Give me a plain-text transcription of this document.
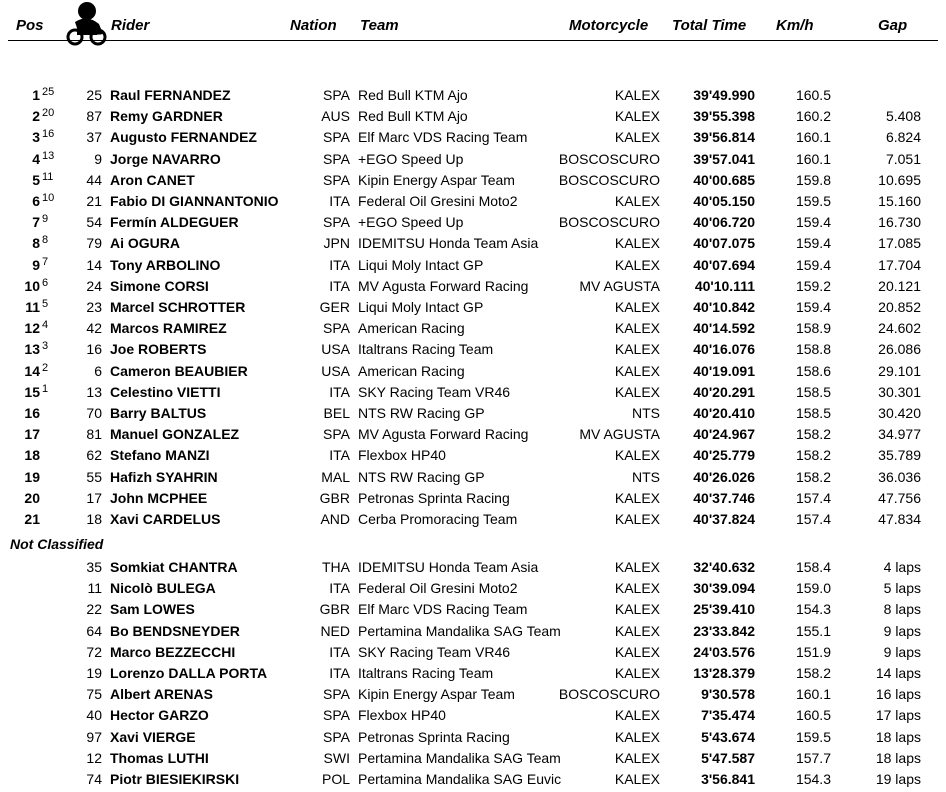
Pos	Rider	Nation Team	Motorcycle Total Time Km/h	Gap
1 25	25 Raul FERNANDEZ	SPA Red Bull KTM Ajo	KALEX	39'49.990	160.5
2 20	87 Remy GARDNER	AUS Red Bull KTM Ajo	KALEX	39'55.398	160.2	5.408
3 16	37 Augusto FERNANDEZ	SPA Elf Marc VDS Racing Team	KALEX	39'56.814	160.1	6.824
4 13	9 Jorge NAVARRO	SPA +EGO Speed Up	BOSCOSCURO	39'57.041	160.1	7.051
5 11	44 Aron CANET	SPA Kipin Energy Aspar Team	BOSCOSCURO	40'00.685	159.8	10.695
6 10	21 Fabio DI GIANNANTONIO	ITA Federal Oil Gresini Moto2	KALEX	40'05.150	159.5	15.160
7 9	54 Fermín ALDEGUER	SPA +EGO Speed Up	BOSCOSCURO	40'06.720	159.4	16.730
8 8	79 Ai OGURA	JPN IDEMITSU Honda Team Asia	KALEX	40'07.075	159.4	17.085
9 7	14 Tony ARBOLINO	ITA Liqui Moly Intact GP	KALEX	40'07.694	159.4	17.704
10 6	24 Simone CORSI	ITA MV Agusta Forward Racing	MV AGUSTA	40'10.111	159.2	20.121
11 5	23 Marcel SCHROTTER	GER Liqui Moly Intact GP	KALEX	40'10.842	159.4	20.852
12 4	42 Marcos RAMIREZ	SPA American Racing	KALEX	40'14.592	158.9	24.602
13 3	16 Joe ROBERTS	USA Italtrans Racing Team	KALEX	40'16.076	158.8	26.086
14 2	6 Cameron BEAUBIER	USA American Racing	KALEX	40'19.091	158.6	29.101
15 1	13 Celestino VIETTI	ITA SKY Racing Team VR46	KALEX	40'20.291	158.5	30.301
16	70 Barry BALTUS	BEL NTS RW Racing GP	NTS	40'20.410	158.5	30.420
17	81 Manuel GONZALEZ	SPA MV Agusta Forward Racing	MV AGUSTA	40'24.967	158.2	34.977
18	62 Stefano MANZI	ITA Flexbox HP40	KALEX	40'25.779	158.2	35.789
19	55 Hafizh SYAHRIN	MAL NTS RW Racing GP	NTS	40'26.026	158.2	36.036
20	17 John MCPHEE	GBR Petronas Sprinta Racing	KALEX	40'37.746	157.4	47.756
21	18 Xavi CARDELUS	AND Cerba Promoracing Team	KALEX	40'37.824	157.4	47.834
Not Classified
35 Somkiat CHANTRA	THA IDEMITSU Honda Team Asia	KALEX	32'40.632	158.4	4 laps
11 Nicolò BULEGA	ITA Federal Oil Gresini Moto2	KALEX	30'39.094	159.0	5 laps
22 Sam LOWES	GBR Elf Marc VDS Racing Team	KALEX	25'39.410	154.3	8 laps
64 Bo BENDSNEYDER	NED Pertamina Mandalika SAG Team	KALEX	23'33.842	155.1	9 laps
72 Marco BEZZECCHI	ITA SKY Racing Team VR46	KALEX	24'03.576	151.9	9 laps
19 Lorenzo DALLA PORTA	ITA Italtrans Racing Team	KALEX	13'28.379	158.2	14 laps
75 Albert ARENAS	SPA Kipin Energy Aspar Team	BOSCOSCURO	9'30.578	160.1	16 laps
40 Hector GARZO	SPA Flexbox HP40	KALEX	7'35.474	160.5	17 laps
97 Xavi VIERGE	SPA Petronas Sprinta Racing	KALEX	5'43.674	159.5	18 laps
12 Thomas LUTHI	SWI Pertamina Mandalika SAG Team	KALEX	5'47.587	157.7	18 laps
74 Piotr BIESIEKIRSKI	POL Pertamina Mandalika SAG Euvic	KALEX	3'56.841	154.3	19 laps
